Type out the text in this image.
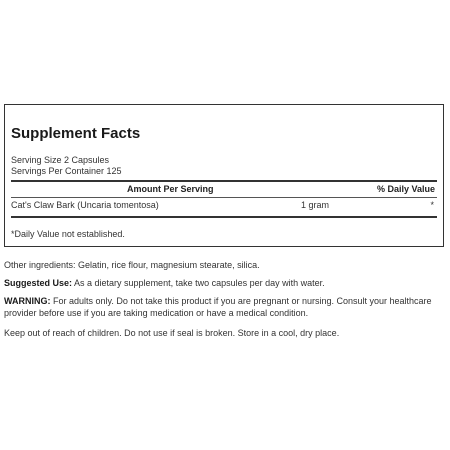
Supplement Facts
Serving Size 2 Capsules
Servings Per Container 125
Amount Per Serving	% Daily Value
Cat's Claw Bark (Uncaria tomentosa)	1 gram	*
*Daily Value not established.
Other ingredients: Gelatin, rice flour, magnesium stearate, silica.
Suggested Use: As a dietary supplement, take two capsules per day with water.
WARNING: For adults only. Do not take this product if you are pregnant or nursing. Consult your healthcare provider before use if you are taking medication or have a medical condition.
Keep out of reach of children. Do not use if seal is broken. Store in a cool, dry place.
